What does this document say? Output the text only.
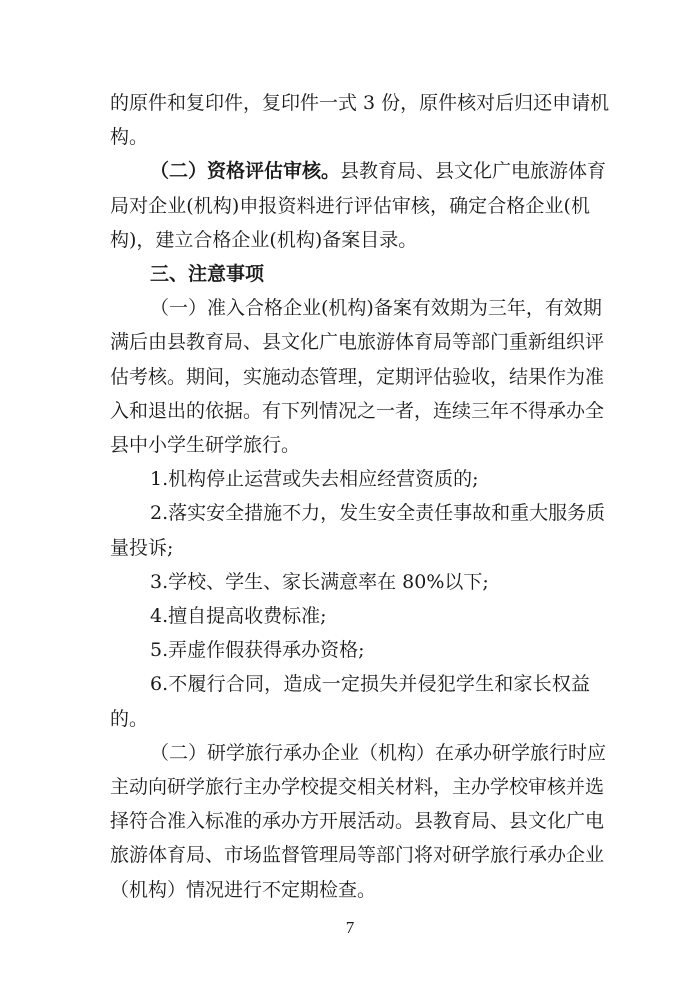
的原件和复印件，复印件一式 3 份，原件核对后归还申请机
构。
（二）资格评估审核。县教育局、县文化广电旅游体育
局对企业(机构)申报资料进行评估审核，确定合格企业(机
构)，建立合格企业(机构)备案目录。
三、注意事项
（一）准入合格企业(机构)备案有效期为三年，有效期
满后由县教育局、县文化广电旅游体育局等部门重新组织评
估考核。期间，实施动态管理，定期评估验收，结果作为准
入和退出的依据。有下列情况之一者，连续三年不得承办全
县中小学生研学旅行。
1.机构停止运营或失去相应经营资质的;
2.落实安全措施不力，发生安全责任事故和重大服务质
量投诉;
3.学校、学生、家长满意率在 80%以下;
4.擅自提高收费标准;
5.弄虚作假获得承办资格;
6.不履行合同，造成一定损失并侵犯学生和家长权益
的。
（二）研学旅行承办企业（机构）在承办研学旅行时应
主动向研学旅行主办学校提交相关材料，主办学校审核并选
择符合准入标准的承办方开展活动。县教育局、县文化广电
7
旅游体育局、市场监督管理局等部门将对研学旅行承办企业
（机构）情况进行不定期检查。
